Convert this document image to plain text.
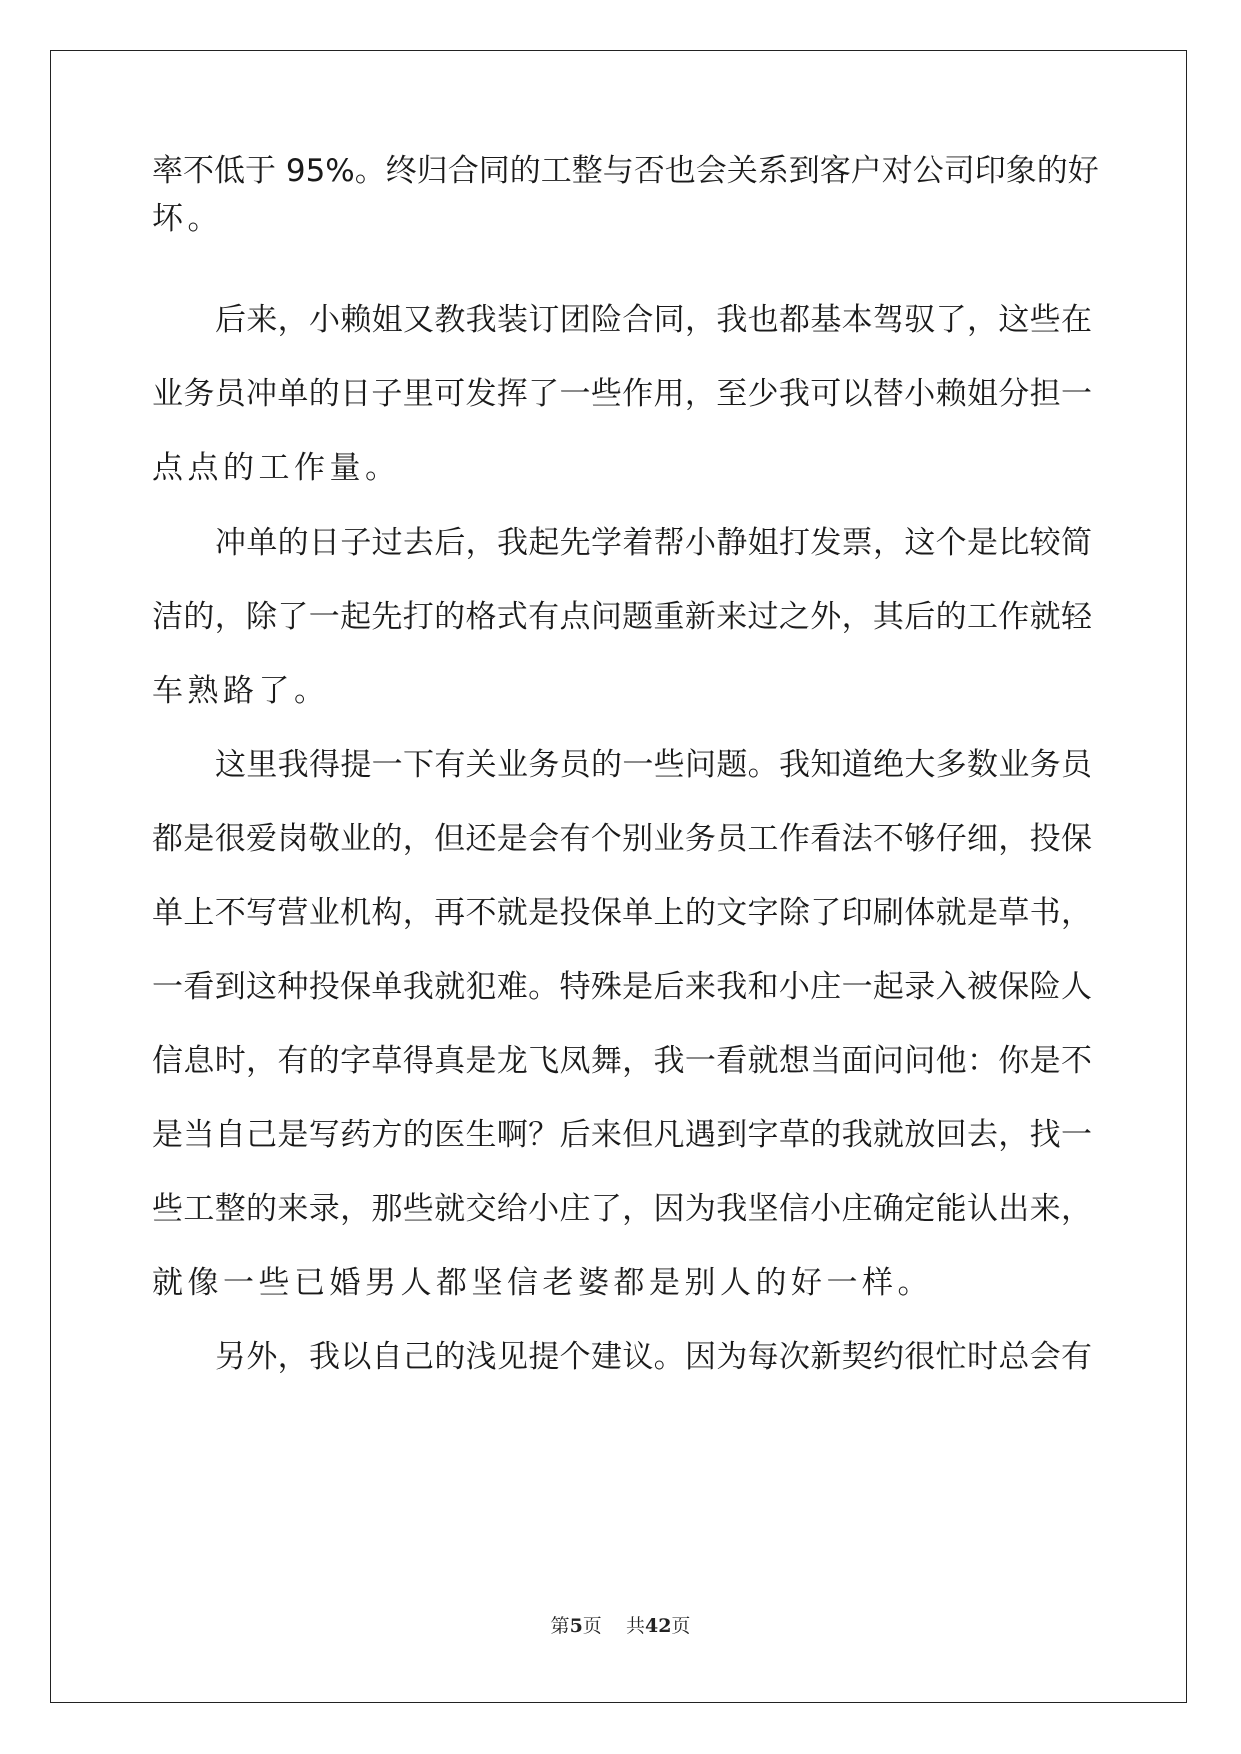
率不低于 95%。终归合同的工整与否也会关系到客户对公司印象的好
坏。
后来，小赖姐又教我装订团险合同，我也都基本驾驭了，这些在
业务员冲单的日子里可发挥了一些作用，至少我可以替小赖姐分担一
点点的工作量。
冲单的日子过去后，我起先学着帮小静姐打发票，这个是比较简
洁的，除了一起先打的格式有点问题重新来过之外，其后的工作就轻
车熟路了。
这里我得提一下有关业务员的一些问题。我知道绝大多数业务员
都是很爱岗敬业的，但还是会有个别业务员工作看法不够仔细，投保
单上不写营业机构，再不就是投保单上的文字除了印刷体就是草书，
一看到这种投保单我就犯难。特殊是后来我和小庄一起录入被保险人
信息时，有的字草得真是龙飞凤舞，我一看就想当面问问他：你是不
是当自己是写药方的医生啊？后来但凡遇到字草的我就放回去，找一
些工整的来录，那些就交给小庄了，因为我坚信小庄确定能认出来，
就像一些已婚男人都坚信老婆都是别人的好一样。
另外，我以自己的浅见提个建议。因为每次新契约很忙时总会有
第5页    共42页
